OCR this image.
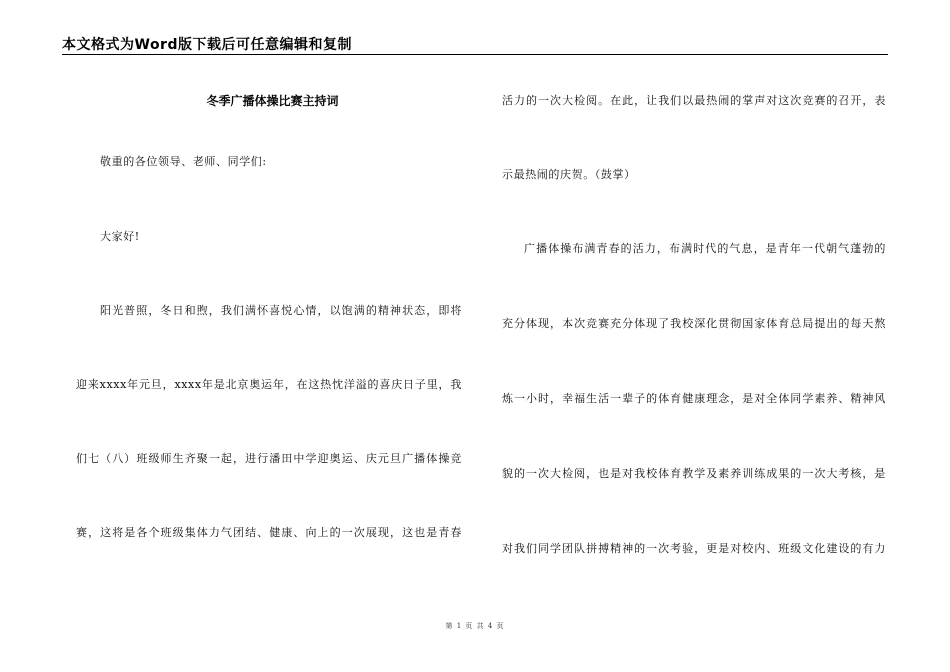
本文格式为Word版下载后可任意编辑和复制
冬季广播体操比赛主持词
敬重的各位领导、老师、同学们:
大家好!
阳光普照，冬日和煦，我们满怀喜悦心情，以饱满的精神状态，即将
迎来xxxx年元旦，xxxx年是北京奥运年，在这热忱洋溢的喜庆日子里，我
们七（八）班级师生齐聚一起，进行潘田中学迎奥运、庆元旦广播体操竞
赛，这将是各个班级集体力气团结、健康、向上的一次展现，这也是青春
活力的一次大检阅。在此，让我们以最热闹的掌声对这次竞赛的召开，表
示最热闹的庆贺。（鼓掌）
广播体操布满青春的活力，布满时代的气息，是青年一代朝气蓬勃的
充分体现，本次竞赛充分体现了我校深化贯彻国家体育总局提出的每天熬
炼一小时，幸福生活一辈子的体育健康理念，是对全体同学素养、精神风
貌的一次大检阅，也是对我校体育教学及素养训练成果的一次大考核，是
对我们同学团队拼搏精神的一次考验，更是对校内、班级文化建设的有力
第 1 页 共 4 页
